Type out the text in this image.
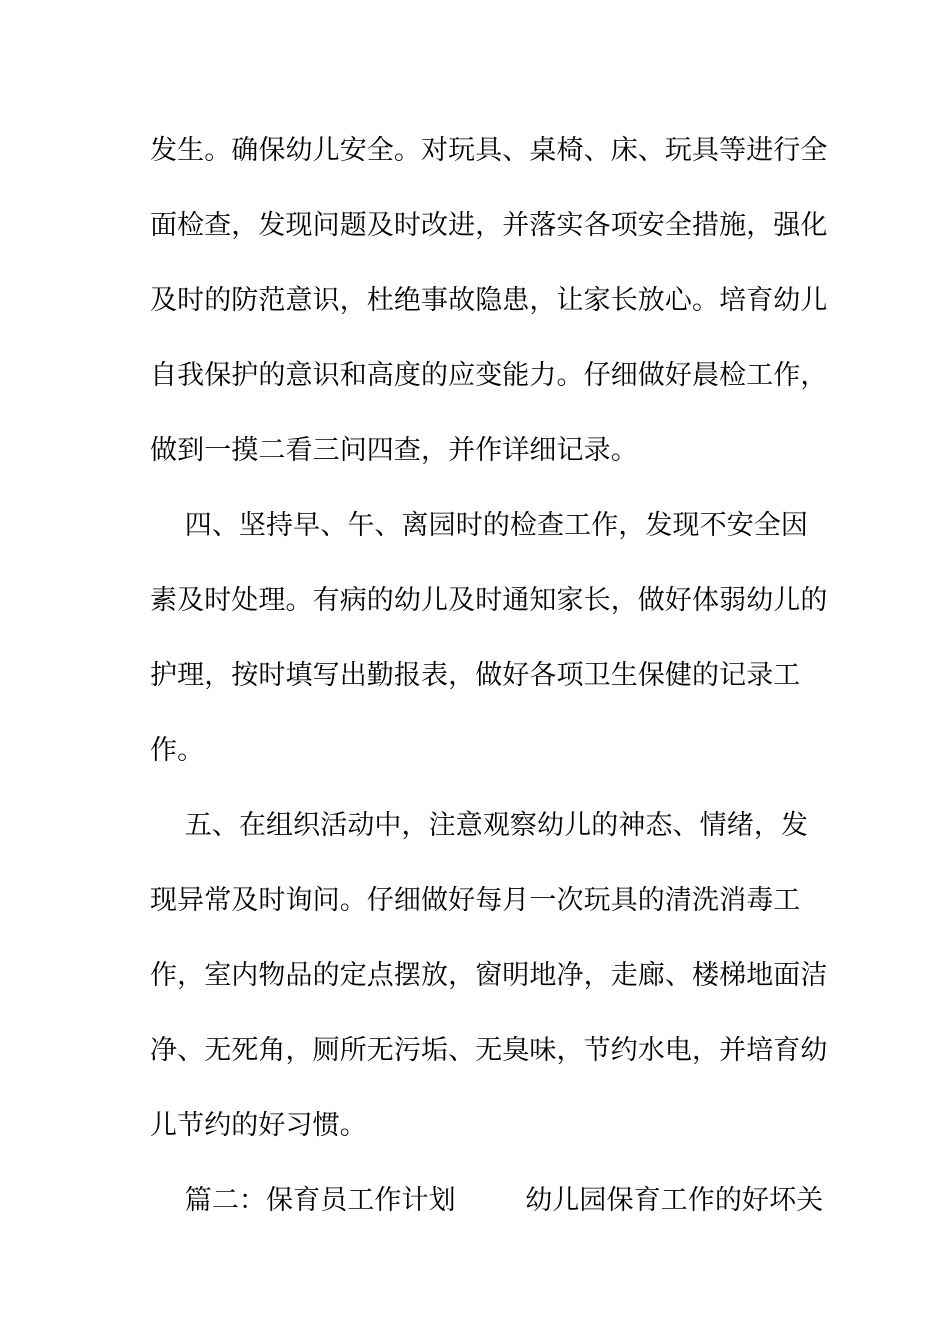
发生。确保幼儿安全。对玩具、桌椅、床、玩具等进行全
面检查，发现问题及时改进，并落实各项安全措施，强化
及时的防范意识，杜绝事故隐患，让家长放心。培育幼儿
自我保护的意识和高度的应变能力。仔细做好晨检工作，
做到一摸二看三问四查，并作详细记录。
四、坚持早、午、离园时的检查工作，发现不安全因
素及时处理。有病的幼儿及时通知家长，做好体弱幼儿的
护理，按时填写出勤报表，做好各项卫生保健的记录工
作。
五、在组织活动中，注意观察幼儿的神态、情绪，发
现异常及时询问。仔细做好每月一次玩具的清洗消毒工
作，室内物品的定点摆放，窗明地净，走廊、楼梯地面洁
净、无死角，厕所无污垢、无臭味，节约水电，并培育幼
儿节约的好习惯。
篇二：保育员工作计划        幼儿园保育工作的好坏关
